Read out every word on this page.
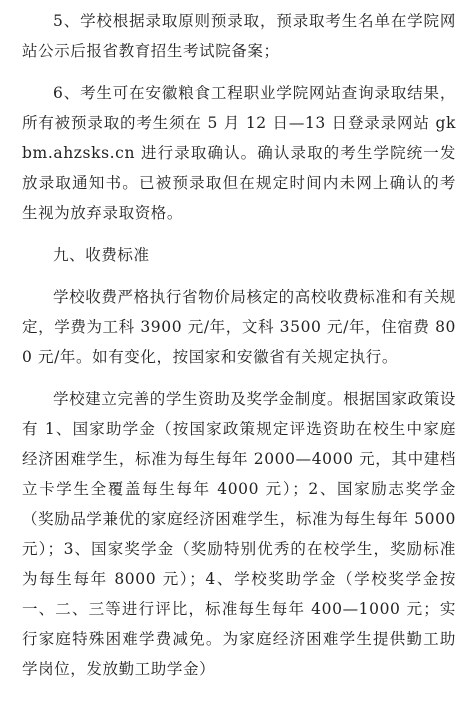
5、学校根据录取原则预录取，预录取考生名单在学院网站公示后报省教育招生考试院备案；

6、考生可在安徽粮食工程职业学院网站查询录取结果，所有被预录取的考生须在 5 月 12 日—13 日登录录网站 gkbm.ahzsks.cn 进行录取确认。确认录取的考生学院统一发放录取通知书。已被预录取但在规定时间内未网上确认的考生视为放弃录取资格。

九、收费标准

学校收费严格执行省物价局核定的高校收费标准和有关规定，学费为工科 3900 元/年，文科 3500 元/年，住宿费 800 元/年。如有变化，按国家和安徽省有关规定执行。

学校建立完善的学生资助及奖学金制度。根据国家政策设有 1、国家助学金（按国家政策规定评选资助在校生中家庭经济困难学生，标准为每生每年 2000—4000 元，其中建档立卡学生全覆盖每生每年 4000 元）；2、国家励志奖学金（奖励品学兼优的家庭经济困难学生，标准为每生每年 5000 元）；3、国家奖学金（奖励特别优秀的在校学生，奖励标准为每生每年 8000 元）；4、学校奖助学金（学校奖学金按一、二、三等进行评比，标准每生每年 400—1000 元；实行家庭特殊困难学费减免。为家庭经济困难学生提供勤工助学岗位，发放勤工助学金）
